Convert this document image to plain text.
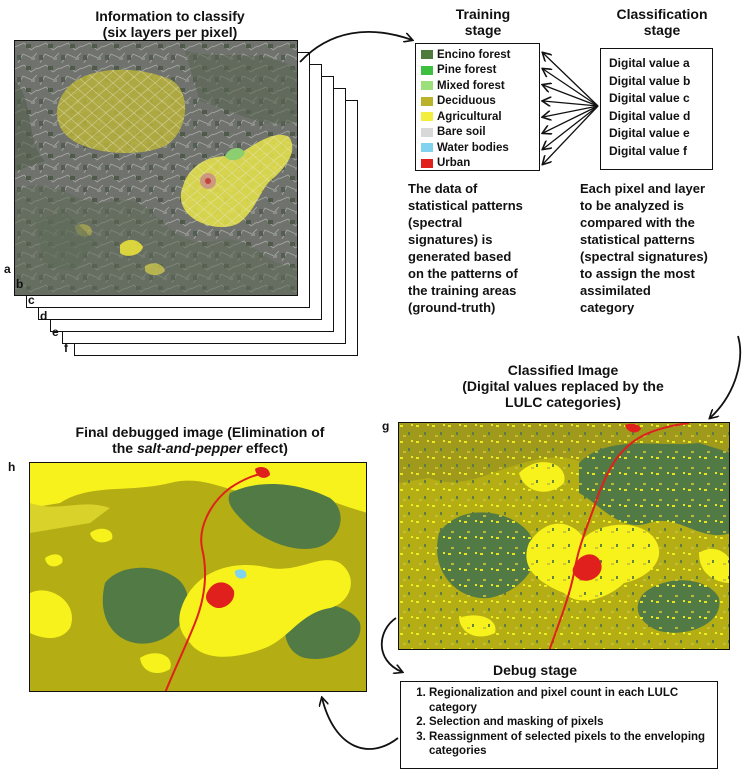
Information to classify
(six layers per pixel)
a
b
c
d
e
f
Training
stage
Encino forest
Pine forest
Mixed forest
Deciduous
Agricultural
Bare soil
Water bodies
Urban
The data of
statistical patterns
(spectral
signatures) is
generated based
on the patterns of
the training areas
(ground-truth)
Classification
stage
Digital value a
Digital value b
Digital value c
Digital value d
Digital value e
Digital value f
Each pixel and layer
to be analyzed is
compared with the
statistical patterns
(spectral signatures)
to assign the most
assimilated
category
Classified Image
(Digital values replaced by the
LULC categories)
g
Final debugged image (Elimination of
the salt-and-pepper effect)
h
Debug stage
1. Regionalization and pixel count in each LULC category
2. Selection and masking of pixels
3. Reassignment of selected pixels to the enveloping categories
